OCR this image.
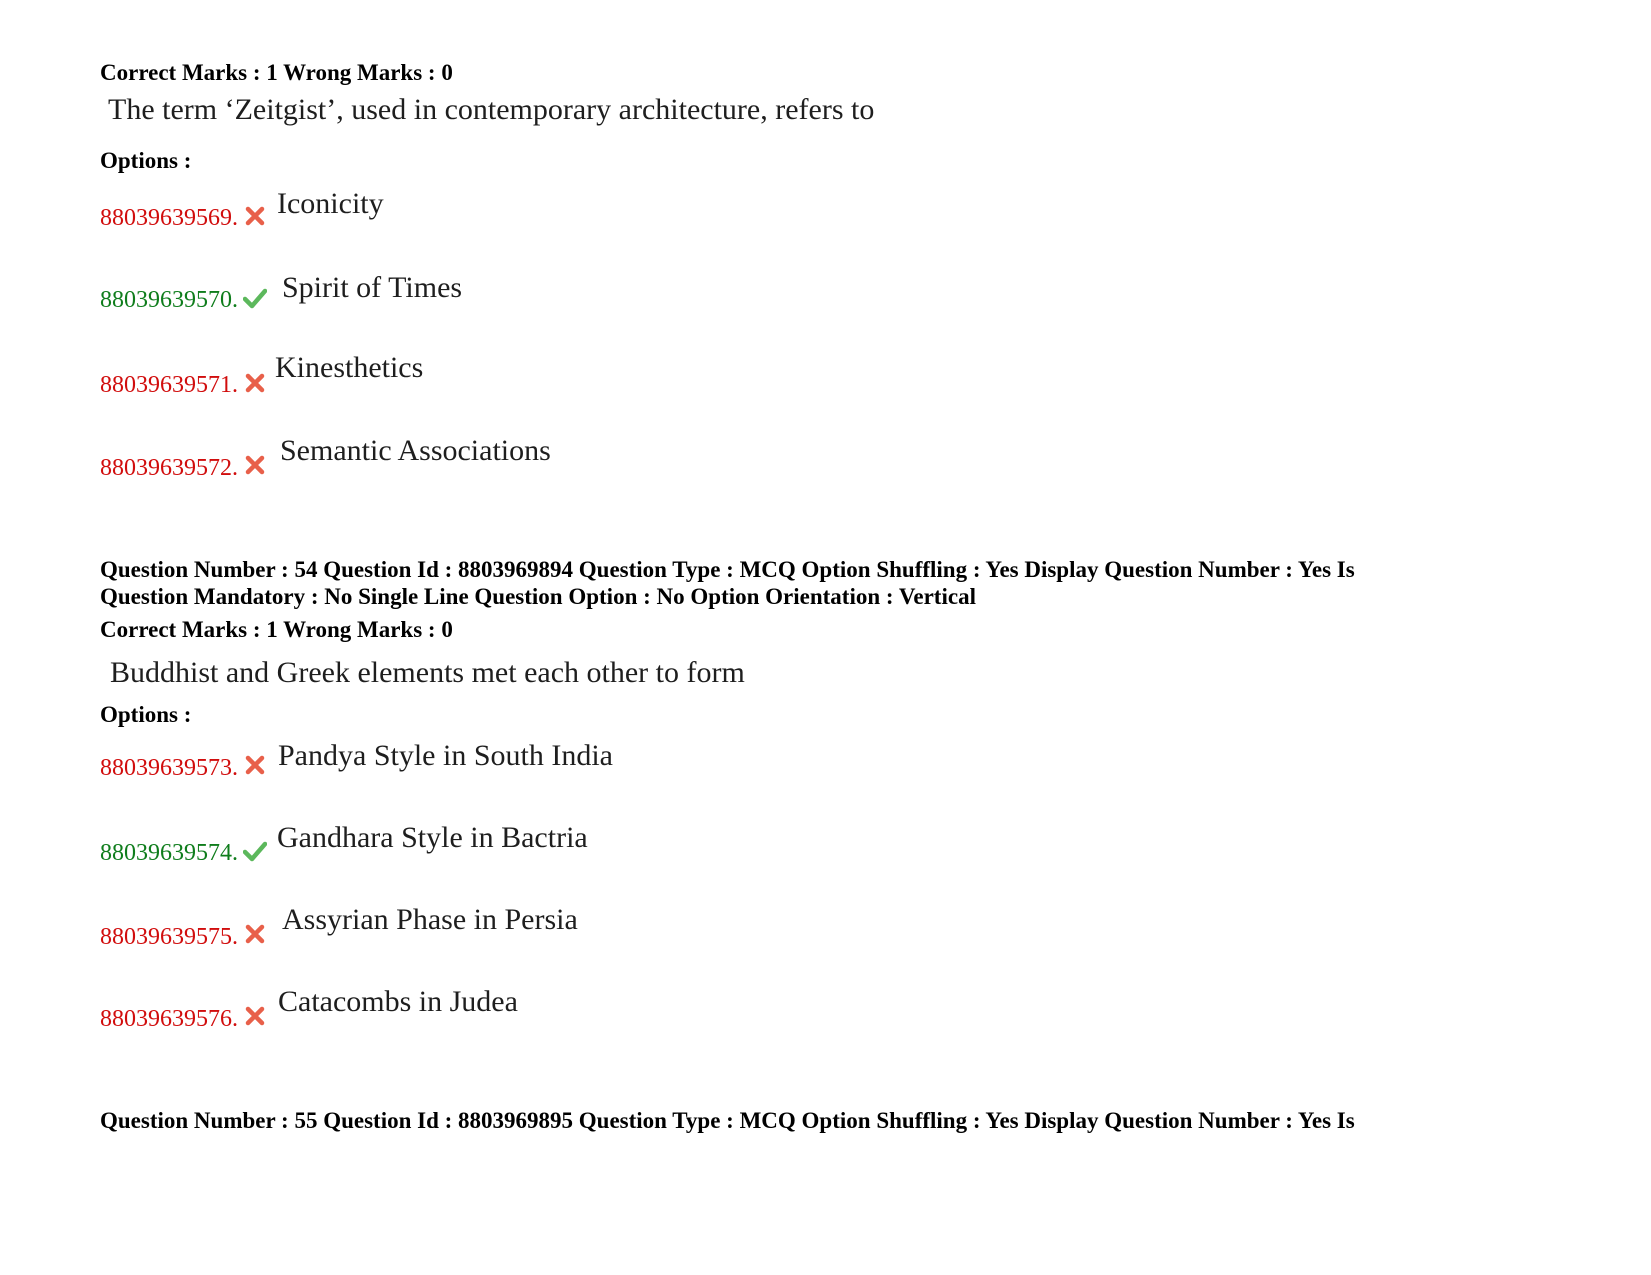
Correct Marks : 1 Wrong Marks : 0
The term ‘Zeitgist’, used in contemporary architecture, refers to
Options :
88039639569. Iconicity
88039639570. Spirit of Times
88039639571.
Kinesthetics
88039639572.
Semantic Associations
Question Number : 54 Question Id : 8803969894 Question Type : MCQ Option Shuffling : Yes Display Question Number : Yes Is
Question Mandatory : No Single Line Question Option : No Option Orientation : Vertical
Correct Marks : 1 Wrong Marks : 0
Buddhist and Greek elements met each other to form
Options :
88039639573. Pandya Style in South India
88039639574. Gandhara Style in Bactria
88039639575.
Assyrian Phase in Persia
88039639576.
Catacombs in Judea
Question Number : 55 Question Id : 8803969895 Question Type : MCQ Option Shuffling : Yes Display Question Number : Yes Is
